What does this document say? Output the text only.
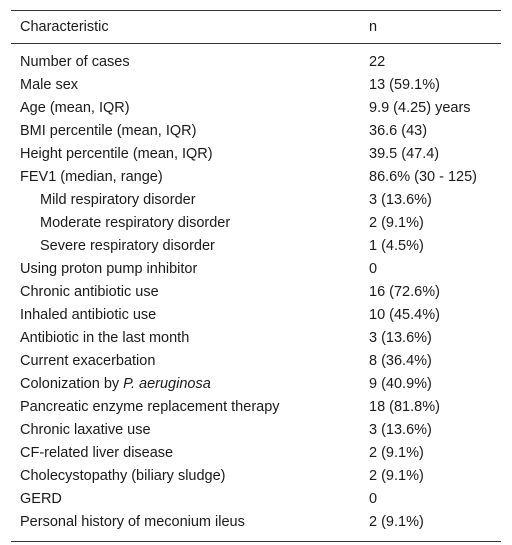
Characteristic	n
Number of cases	22
Male sex	13 (59.1%)
Age (mean, IQR)	9.9 (4.25) years
BMI percentile (mean, IQR)	36.6 (43)
Height percentile (mean, IQR)	39.5 (47.4)
FEV1 (median, range)	86.6% (30 - 125)
Mild respiratory disorder	3 (13.6%)
Moderate respiratory disorder	2 (9.1%)
Severe respiratory disorder	1 (4.5%)
Using proton pump inhibitor	0
Chronic antibiotic use	16 (72.6%)
Inhaled antibiotic use	10 (45.4%)
Antibiotic in the last month	3 (13.6%)
Current exacerbation	8 (36.4%)
Colonization by P. aeruginosa	9 (40.9%)
Pancreatic enzyme replacement therapy	18 (81.8%)
Chronic laxative use	3 (13.6%)
CF-related liver disease	2 (9.1%)
Cholecystopathy (biliary sludge)	2 (9.1%)
GERD	0
Personal history of meconium ileus	2 (9.1%)
